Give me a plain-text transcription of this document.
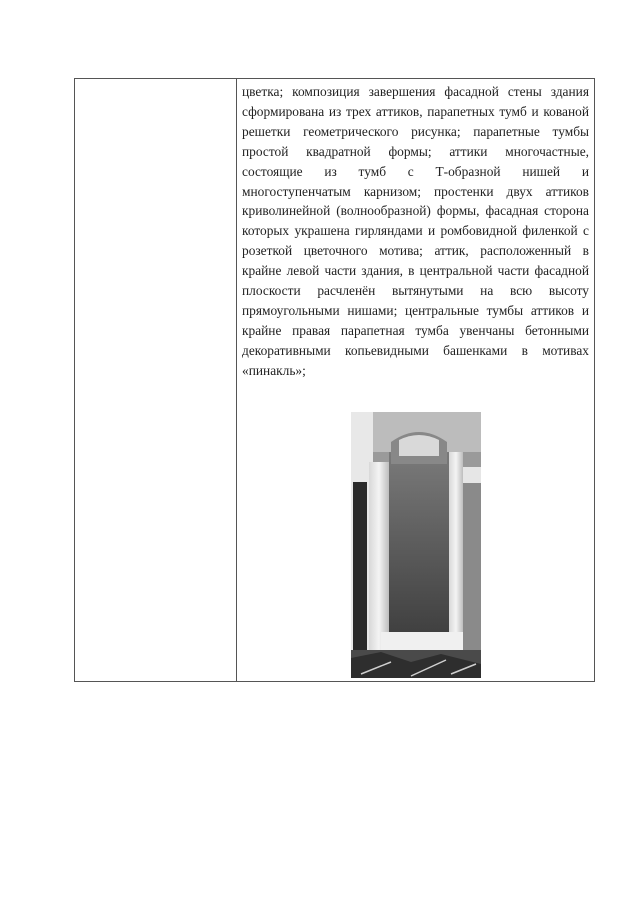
цветка; композиция завершения фасадной стены здания сформирована из трех аттиков, парапетных тумб и кованой решетки геометрического рисунка; парапетные тумбы простой квадратной формы; аттики многочастные, состоящие из тумб с Т-образной нишей и многоступенчатым карнизом; простенки двух аттиков криволинейной (волнообразной) формы, фасадная сторона которых украшена гирляндами и ромбовидной филенкой с розеткой цветочного мотива; аттик, расположенный в крайне левой части здания, в центральной части фасадной плоскости расчленён вытянутыми на всю высоту прямоугольными нишами; центральные тумбы аттиков и крайне правая парапетная тумба увенчаны бетонными декоративными копьевидными башенками в мотивах «пинакль»;
